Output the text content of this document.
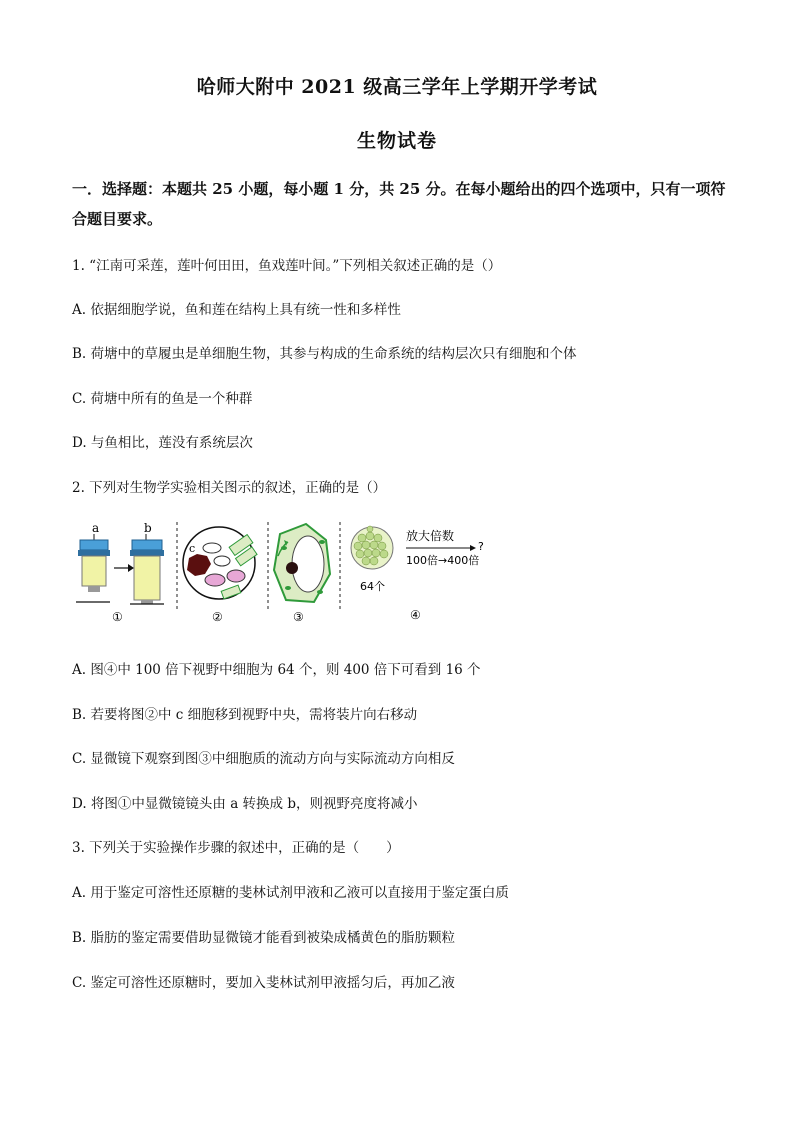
哈师大附中 2021 级高三学年上学期开学考试
生物试卷
一．选择题：本题共 25 小题，每小题 1 分，共 25 分。在每小题给出的四个选项中，只有一项符合题目要求。
1. “江南可采莲，莲叶何田田，鱼戏莲叶间。”下列相关叙述正确的是（）
A. 依据细胞学说，鱼和莲在结构上具有统一性和多样性
B. 荷塘中的草履虫是单细胞生物，其参与构成的生命系统的结构层次只有细胞和个体
C. 荷塘中所有的鱼是一个种群
D. 与鱼相比，莲没有系统层次
2. 下列对生物学实验相关图示的叙述，正确的是（）
a	b
①
c
②	③
64个
放大倍数
?
100倍→400倍
④
A. 图④中 100 倍下视野中细胞为 64 个，则 400 倍下可看到 16 个
B. 若要将图②中 c 细胞移到视野中央，需将装片向右移动
C. 显微镜下观察到图③中细胞质的流动方向与实际流动方向相反
D. 将图①中显微镜镜头由 a 转换成 b，则视野亮度将减小
3. 下列关于实验操作步骤的叙述中，正确的是（　　）
A. 用于鉴定可溶性还原糖的斐林试剂甲液和乙液可以直接用于鉴定蛋白质
B. 脂肪的鉴定需要借助显微镜才能看到被染成橘黄色的脂肪颗粒
C. 鉴定可溶性还原糖时，要加入斐林试剂甲液摇匀后，再加乙液
